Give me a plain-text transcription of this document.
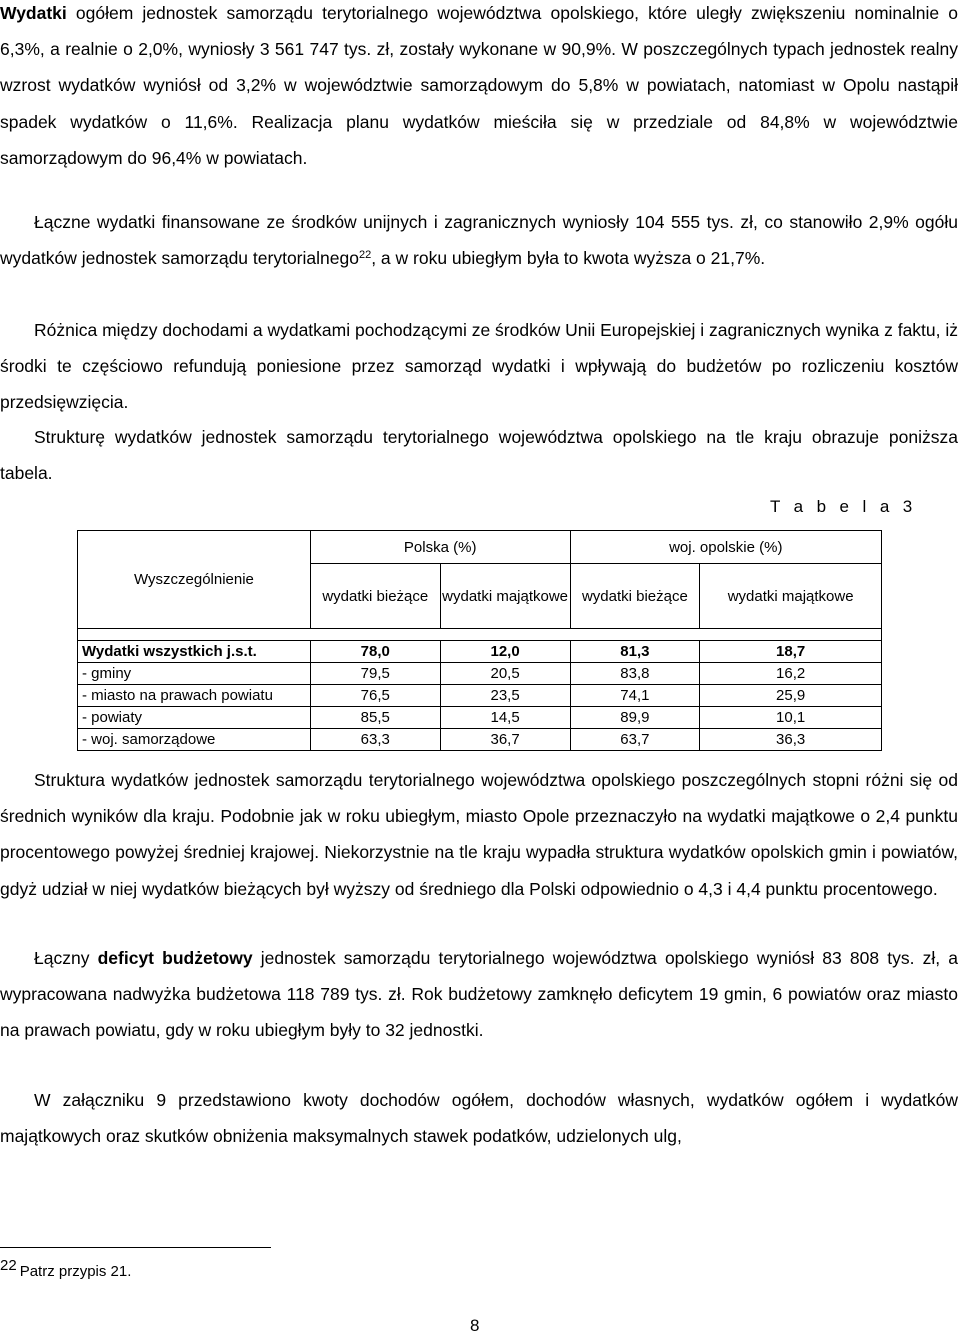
Wydatki ogółem jednostek samorządu terytorialnego województwa opolskiego, które uległy zwiększeniu nominalnie o 6,3%, a realnie o 2,0%, wyniosły 3 561 747 tys. zł, zostały wykonane w 90,9%. W poszczególnych typach jednostek realny wzrost wydatków wyniósł od 3,2% w województwie samorządowym do 5,8% w powiatach, natomiast w Opolu nastąpił spadek wydatków o 11,6%. Realizacja planu wydatków mieściła się w przedziale od 84,8% w województwie samorządowym do 96,4% w powiatach.

Łączne wydatki finansowane ze środków unijnych i zagranicznych wyniosły 104 555 tys. zł, co stanowiło 2,9% ogółu wydatków jednostek samorządu terytorialnego$^{22}$, a w roku ubiegłym była to kwota wyższa o 21,7%.

Różnica między dochodami a wydatkami pochodzącymi ze środków Unii Europejskiej i zagranicznych wynika z faktu, iż środki te częściowo refundują poniesione przez samorząd wydatki i wpływają do budżetów po rozliczeniu kosztów przedsięwzięcia.

Strukturę wydatków jednostek samorządu terytorialnego województwa opolskiego na tle kraju obrazuje poniższa tabela.

T a b e l a 3
Wyszczególnienie	Polska (%)		woj. opolskie (%)	
	wydatki bieżące	wydatki majątkowe	wydatki bieżące	wydatki majątkowe

Wydatki wszystkich j.s.t.	78,0	12,0	81,3	18,7
- gminy	79,5	20,5	83,8	16,2
- miasto na prawach powiatu	76,5	23,5	74,1	25,9
- powiaty	85,5	14,5	89,9	10,1
- woj. samorządowe	63,3	36,7	63,7	36,3

Struktura wydatków jednostek samorządu terytorialnego województwa opolskiego poszczególnych stopni różni się od średnich wyników dla kraju. Podobnie jak w roku ubiegłym, miasto Opole przeznaczyło na wydatki majątkowe o 2,4 punktu procentowego powyżej średniej krajowej. Niekorzystnie na tle kraju wypadła struktura wydatków opolskich gmin i powiatów, gdyż udział w niej wydatków bieżących był wyższy od średniego dla Polski odpowiednio o 4,3 i 4,4 punktu procentowego.

Łączny deficyt budżetowy jednostek samorządu terytorialnego województwa opolskiego wyniósł 83 808 tys. zł, a wypracowana nadwyżka budżetowa 118 789 tys. zł. Rok budżetowy zamknęło deficytem 19 gmin, 6 powiatów oraz miasto na prawach powiatu, gdy w roku ubiegłym były to 32 jednostki.

W załączniku 9 przedstawiono kwoty dochodów ogółem, dochodów własnych, wydatków ogółem i wydatków majątkowych oraz skutków obniżenia maksymalnych stawek podatków, udzielonych ulg,

22 Patrz przypis 21.
8
